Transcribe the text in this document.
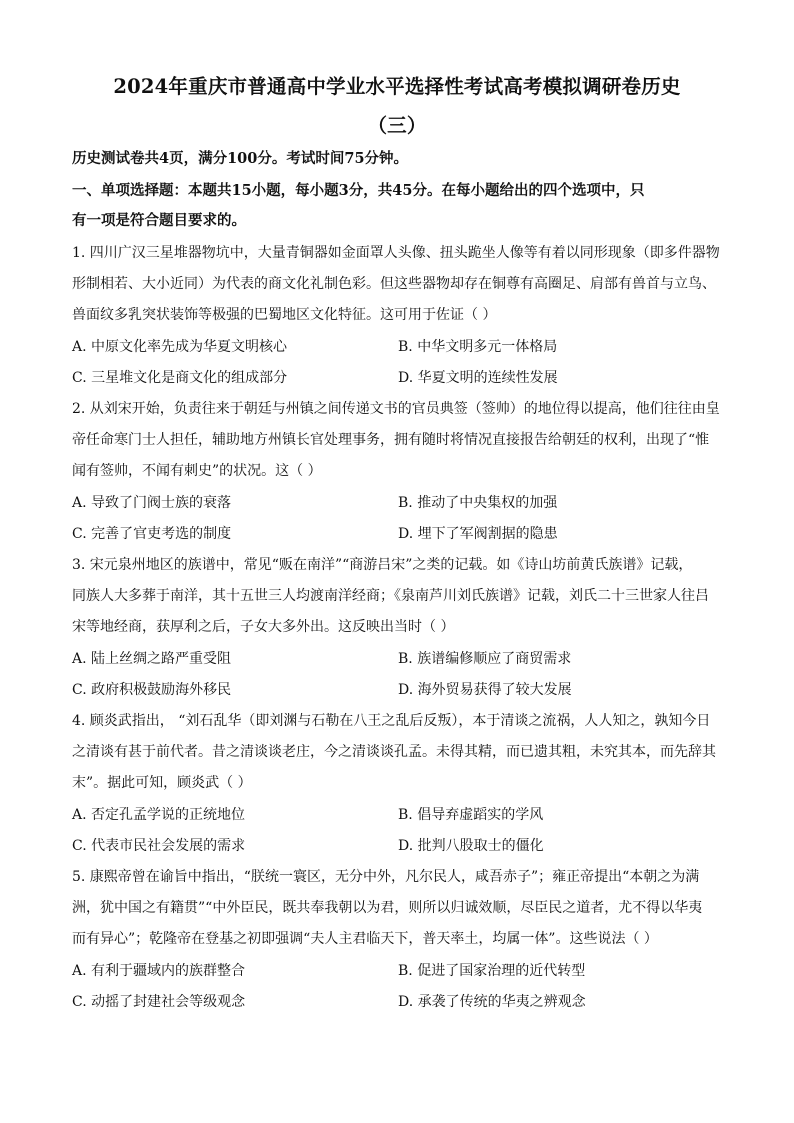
2024年重庆市普通高中学业水平选择性考试高考模拟调研卷历史
（三）
历史测试卷共4页，满分100分。考试时间75分钟。
一、单项选择题：本题共15小题，每小题3分，共45分。在每小题给出的四个选项中，只
有一项是符合题目要求的。
1. 四川广汉三星堆器物坑中，大量青铜器如金面罩人头像、扭头跪坐人像等有着以同形现象（即多件器物
形制相若、大小近同）为代表的商文化礼制色彩。但这些器物却存在铜尊有高圈足、肩部有兽首与立鸟、
兽面纹多乳突状装饰等极强的巴蜀地区文化特征。这可用于佐证（ ）
A. 中原文化率先成为华夏文明核心	B. 中华文明多元一体格局
C. 三星堆文化是商文化的组成部分	D. 华夏文明的连续性发展
2. 从刘宋开始，负责往来于朝廷与州镇之间传递文书的官员典签（签帅）的地位得以提高，他们往往由皇
帝任命寒门士人担任，辅助地方州镇长官处理事务，拥有随时将情况直接报告给朝廷的权利，出现了“惟
闻有签帅，不闻有刺史”的状况。这（ ）
A. 导致了门阀士族的衰落	B. 推动了中央集权的加强
C. 完善了官吏考选的制度	D. 埋下了军阀割据的隐患
3. 宋元泉州地区的族谱中，常见“贩在南洋”“商游吕宋”之类的记载。如《诗山坊前黄氏族谱》记载，
同族人大多葬于南洋，其十五世三人均渡南洋经商；《泉南芦川刘氏族谱》记载，刘氏二十三世家人往吕
宋等地经商，获厚利之后，子女大多外出。这反映出当时（ ）
A. 陆上丝绸之路严重受阻	B. 族谱编修顺应了商贸需求
C. 政府积极鼓励海外移民	D. 海外贸易获得了较大发展
4. 顾炎武指出， “刘石乱华（即刘渊与石勒在八王之乱后反叛），本于清谈之流祸，人人知之，孰知今日
之清谈有甚于前代者。昔之清谈谈老庄，今之清谈谈孔孟。未得其精，而已遗其粗，未究其本，而先辞其
末”。据此可知，顾炎武（ ）
A. 否定孔孟学说的正统地位	B. 倡导弃虚蹈实的学风
C. 代表市民社会发展的需求	D. 批判八股取士的僵化
5. 康熙帝曾在谕旨中指出，“朕统一寰区，无分中外，凡尔民人，咸吾赤子”；雍正帝提出“本朝之为满
洲，犹中国之有籍贯”“中外臣民，既共奉我朝以为君，则所以归诚效顺，尽臣民之道者，尤不得以华夷
而有异心”；乾隆帝在登基之初即强调“夫人主君临天下，普天率土，均属一体”。这些说法（ ）
A. 有利于疆域内的族群整合	B. 促进了国家治理的近代转型
C. 动摇了封建社会等级观念	D. 承袭了传统的华夷之辨观念
